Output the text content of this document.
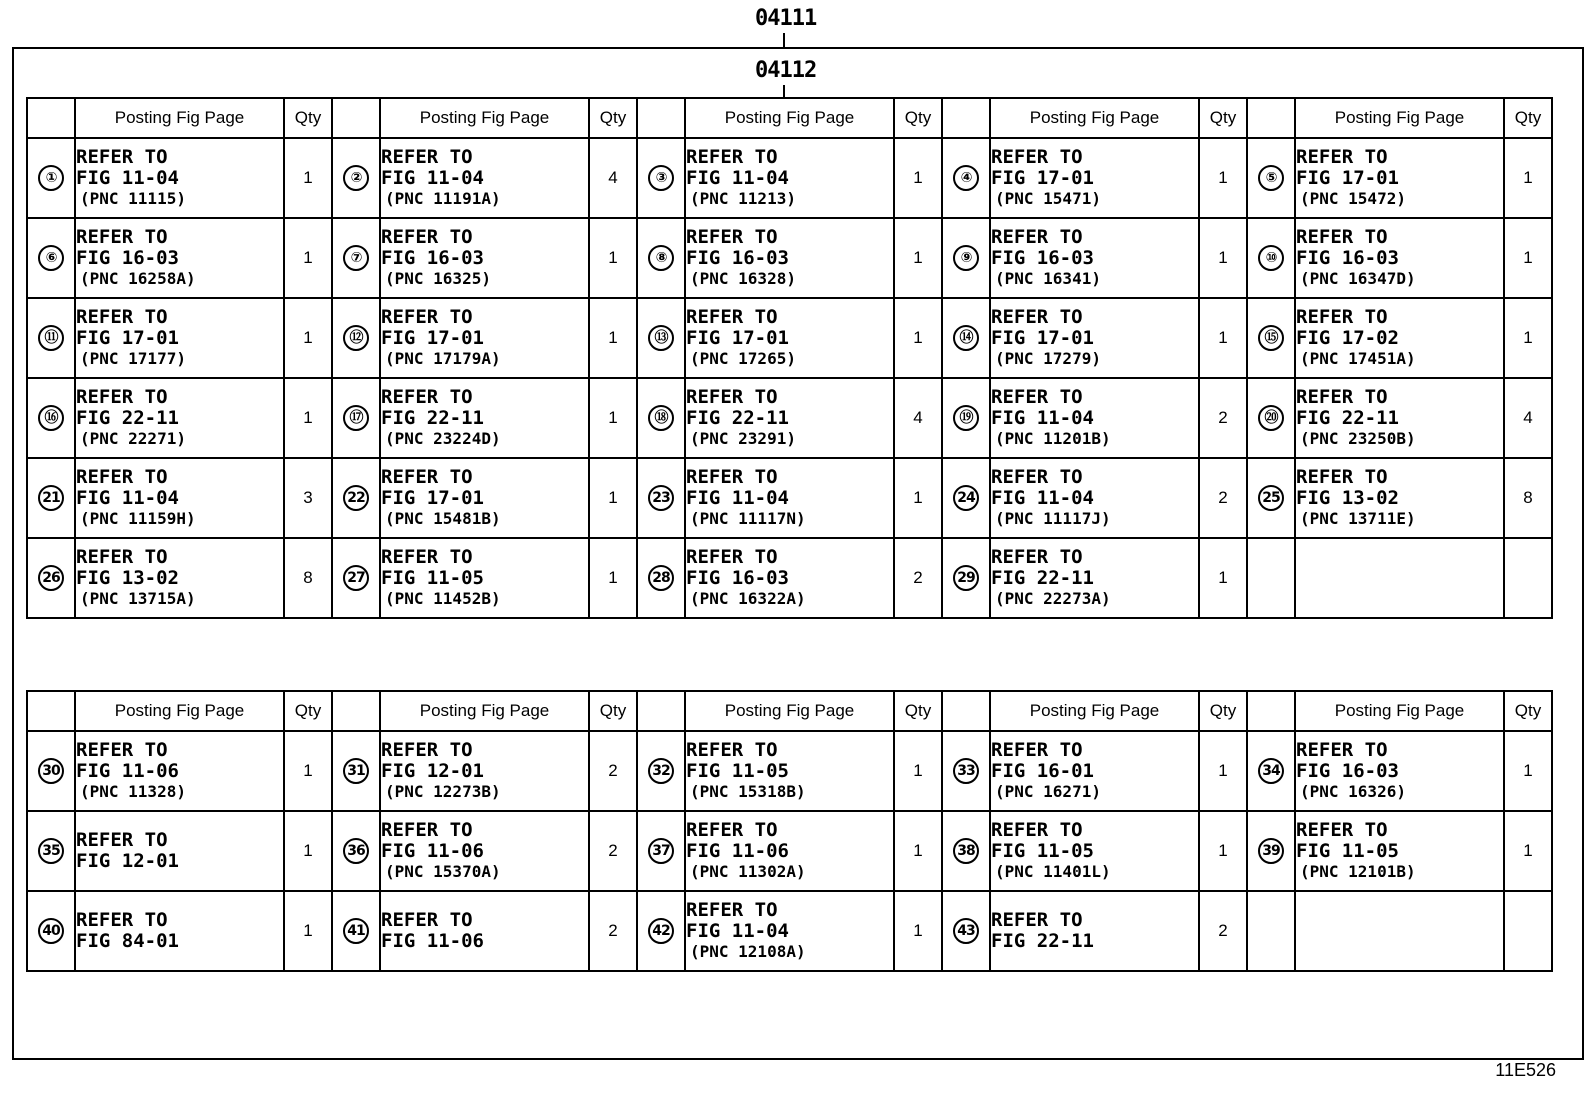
04111
04112
	Posting Fig Page	Qty		Posting Fig Page	Qty		Posting Fig Page	Qty		Posting Fig Page	Qty		Posting Fig Page	Qty
①	REFER TO
FIG 11-04
(PNC 11115)	1	②	REFER TO
FIG 11-04
(PNC 11191A)	4	③	REFER TO
FIG 11-04
(PNC 11213)	1	④	REFER TO
FIG 17-01
(PNC 15471)	1	⑤	REFER TO
FIG 17-01
(PNC 15472)	1
⑥	REFER TO
FIG 16-03
(PNC 16258A)	1	⑦	REFER TO
FIG 16-03
(PNC 16325)	1	⑧	REFER TO
FIG 16-03
(PNC 16328)	1	⑨	REFER TO
FIG 16-03
(PNC 16341)	1	⑩	REFER TO
FIG 16-03
(PNC 16347D)	1
⑪	REFER TO
FIG 17-01
(PNC 17177)	1	⑫	REFER TO
FIG 17-01
(PNC 17179A)	1	⑬	REFER TO
FIG 17-01
(PNC 17265)	1	⑭	REFER TO
FIG 17-01
(PNC 17279)	1	⑮	REFER TO
FIG 17-02
(PNC 17451A)	1
⑯	REFER TO
FIG 22-11
(PNC 22271)	1	⑰	REFER TO
FIG 22-11
(PNC 23224D)	1	⑱	REFER TO
FIG 22-11
(PNC 23291)	4	⑲	REFER TO
FIG 11-04
(PNC 11201B)	2	⑳	REFER TO
FIG 22-11
(PNC 23250B)	4
21	REFER TO
FIG 11-04
(PNC 11159H)	3	22	REFER TO
FIG 17-01
(PNC 15481B)	1	23	REFER TO
FIG 11-04
(PNC 11117N)	1	24	REFER TO
FIG 11-04
(PNC 11117J)	2	25	REFER TO
FIG 13-02
(PNC 13711E)	8
26	REFER TO
FIG 13-02
(PNC 13715A)	8	27	REFER TO
FIG 11-05
(PNC 11452B)	1	28	REFER TO
FIG 16-03
(PNC 16322A)	2	29	REFER TO
FIG 22-11
(PNC 22273A)	1			
	Posting Fig Page	Qty		Posting Fig Page	Qty		Posting Fig Page	Qty		Posting Fig Page	Qty		Posting Fig Page	Qty
30	REFER TO
FIG 11-06
(PNC 11328)	1	31	REFER TO
FIG 12-01
(PNC 12273B)	2	32	REFER TO
FIG 11-05
(PNC 15318B)	1	33	REFER TO
FIG 16-01
(PNC 16271)	1	34	REFER TO
FIG 16-03
(PNC 16326)	1
35	REFER TO
FIG 12-01	1	36	REFER TO
FIG 11-06
(PNC 15370A)	2	37	REFER TO
FIG 11-06
(PNC 11302A)	1	38	REFER TO
FIG 11-05
(PNC 11401L)	1	39	REFER TO
FIG 11-05
(PNC 12101B)	1
40	REFER TO
FIG 84-01	1	41	REFER TO
FIG 11-06	2	42	REFER TO
FIG 11-04
(PNC 12108A)	1	43	REFER TO
FIG 22-11	2			
11E526
